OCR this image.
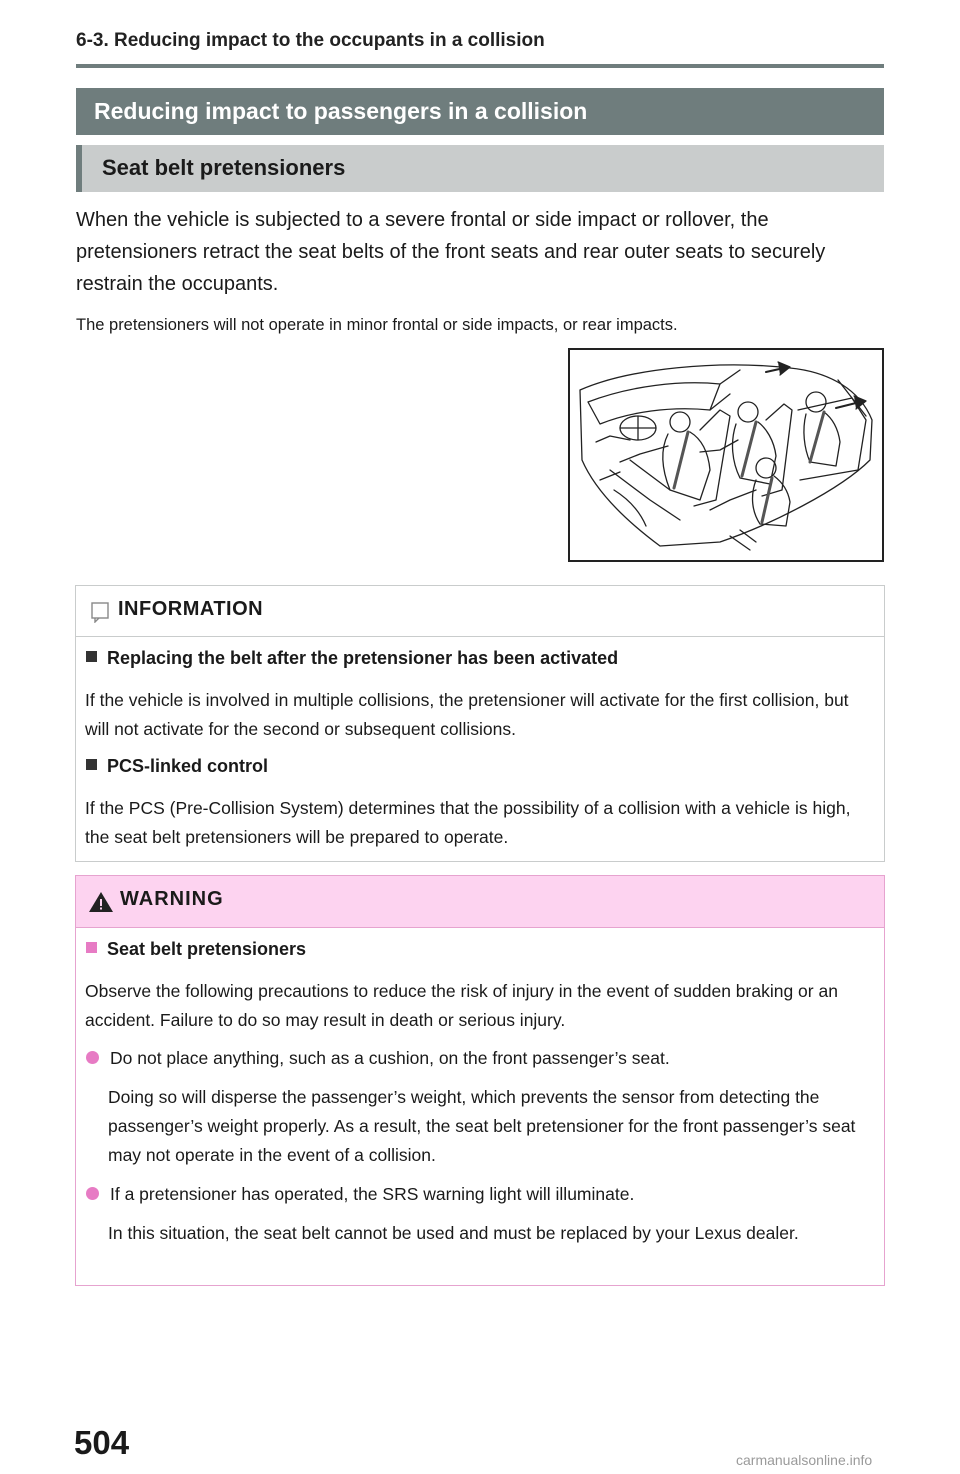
6-3. Reducing impact to the occupants in a collision
Reducing impact to passengers in a collision
Seat belt pretensioners

When the vehicle is subjected to a severe frontal or side impact or rollover, the pretensioners retract the seat belts of the front seats and rear outer seats to securely restrain the occupants.

The pretensioners will not operate in minor frontal or side impacts, or rear impacts.

INFORMATION
Replacing the belt after the pretensioner has been activated

If the vehicle is involved in multiple collisions, the pretensioner will activate for the first collision, but will not activate for the second or subsequent collisions.

PCS-linked control

If the PCS (Pre-Collision System) determines that the possibility of a collision with a vehicle is high, the seat belt pretensioners will be prepared to operate.

WARNING
Seat belt pretensioners

Observe the following precautions to reduce the risk of injury in the event of sudden braking or an accident. Failure to do so may result in death or serious injury.

Do not place anything, such as a cushion, on the front passenger’s seat.

Doing so will disperse the passenger’s weight, which prevents the sensor from detecting the passenger’s weight properly. As a result, the seat belt pretensioner for the front passenger’s seat may not operate in the event of a collision.

If a pretensioner has operated, the SRS warning light will illuminate.

In this situation, the seat belt cannot be used and must be replaced by your Lexus dealer.

504	carmanualsonline.info
